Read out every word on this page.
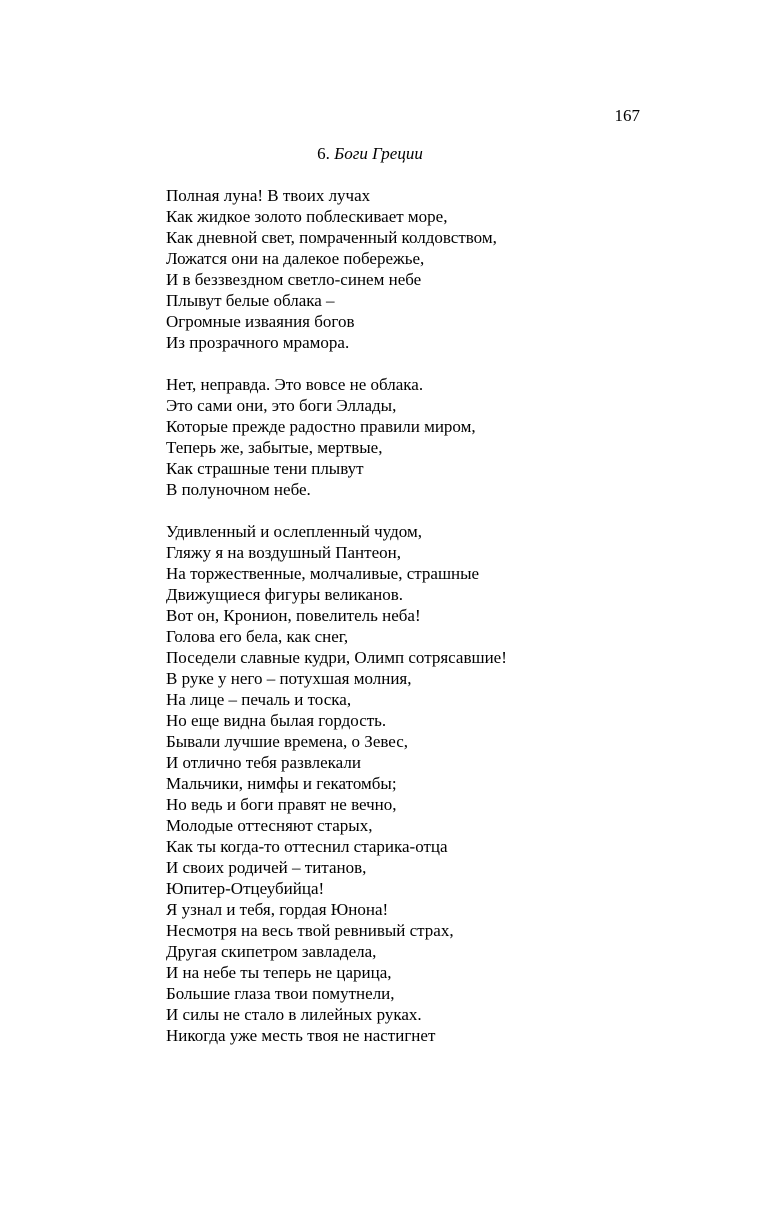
167
6. Боги Греции
Полная луна! В твоих лучах
Как жидкое золото поблескивает море,
Как дневной свет, помраченный колдовством,
Ложатся они на далекое побережье,
И в беззвездном светло-синем небе
Плывут белые облака –
Огромные изваяния богов
Из прозрачного мрамора.
Нет, неправда. Это вовсе не облака.
Это сами они, это боги Эллады,
Которые прежде радостно правили миром,
Теперь же, забытые, мертвые,
Как страшные тени плывут
В полуночном небе.
Удивленный и ослепленный чудом,
Гляжу я на воздушный Пантеон,
На торжественные, молчаливые, страшные
Движущиеся фигуры великанов.
Вот он, Кронион, повелитель неба!
Голова его бела, как снег,
Поседели славные кудри, Олимп сотрясавшие!
В руке у него – потухшая молния,
На лице – печаль и тоска,
Но еще видна былая гордость.
Бывали лучшие времена, о Зевес,
И отлично тебя развлекали
Мальчики, нимфы и гекатомбы;
Но ведь и боги правят не вечно,
Молодые оттесняют старых,
Как ты когда-то оттеснил старика-отца
И своих родичей – титанов,
Юпитер-Отцеубийца!
Я узнал и тебя, гордая Юнона!
Несмотря на весь твой ревнивый страх,
Другая скипетром завладела,
И на небе ты теперь не царица,
Большие глаза твои помутнели,
И силы не стало в лилейных руках.
Никогда уже месть твоя не настигнет
